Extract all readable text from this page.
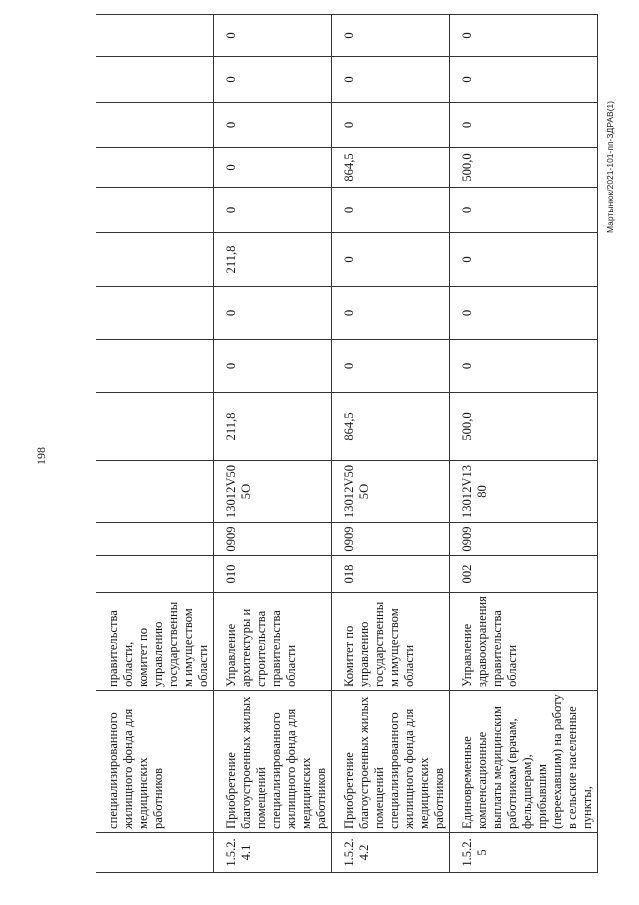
198
Мартынюк/2021-101-пп-ЗДРАВ(1)
	специализированного жилищного фонда для медицинских работников	правительства области, комитет по управлению государственным имуществом области												
1.5.2. 4.1	Приобретение благоустроенных жилых помещений специализированного жилищного фонда для медицинских работников	Управление архитектуры и строительства правительства области	010	0909	13012V505О	211,8	0	0	211,8	0	0	0	0	0
1.5.2. 4.2	Приобретение благоустроенных жилых помещений специализированного жилищного фонда для медицинских работников	Комитет по управлению государственным имуществом области	018	0909	13012V505О	864,5	0	0	0	0	864,5	0	0	0
1.5.2. 5	Единовременные компенсационные выплаты медицинским работникам (врачам, фельдшерам), прибывшим (переехавшим) на работу в сельские населенные пункты,	Управление здравоохранения правительства области	002	0909	13012V1380	500,0	0	0	0	0	500,0	0	0	0
